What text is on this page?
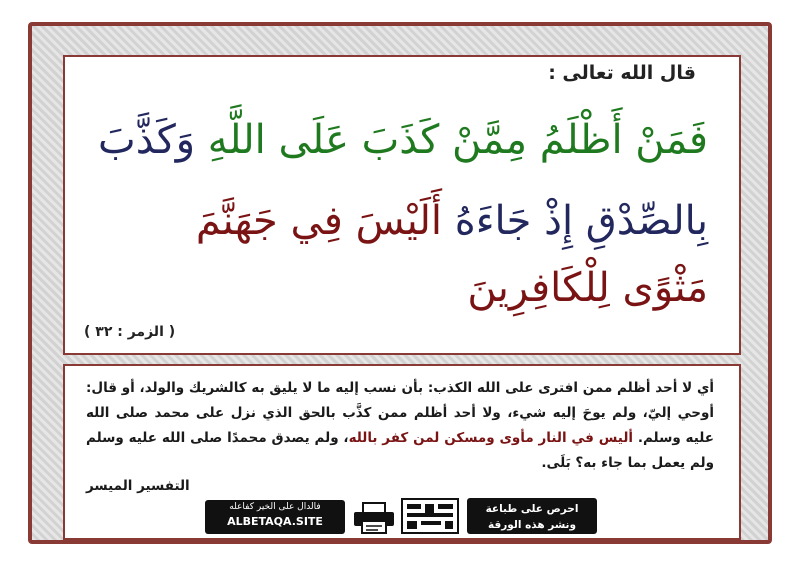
قال الله تعالى :
فَمَنْ أَظْلَمُ مِمَّنْ كَذَبَ عَلَى اللَّهِ وَكَذَّبَ
بِالصِّدْقِ إِذْ جَاءَهُ أَلَيْسَ فِي جَهَنَّمَ
مَثْوًى لِلْكَافِرِينَ
( الزمر : ٣٢ )
أي لا أحد أظلم ممن افترى على الله الكذب: بأن نسب إليه ما لا يليق به كالشريك والولد، أو قال: أوحي إليّ، ولم يوحَ إليه شيء، ولا أحد أظلم ممن كذَّب بالحق الذي نزل على محمد صلى الله عليه وسلم. أليس في النار مأوى ومسكن لمن كفر بالله، ولم يصدق محمدًا صلى الله عليه وسلم ولم يعمل بما جاء به؟ بَلَى.
التفسير الميسر
فالدال على الخير كفاعله
ALBETAQA.SITE
احرص على طباعة
ونشر هذه الورقة
